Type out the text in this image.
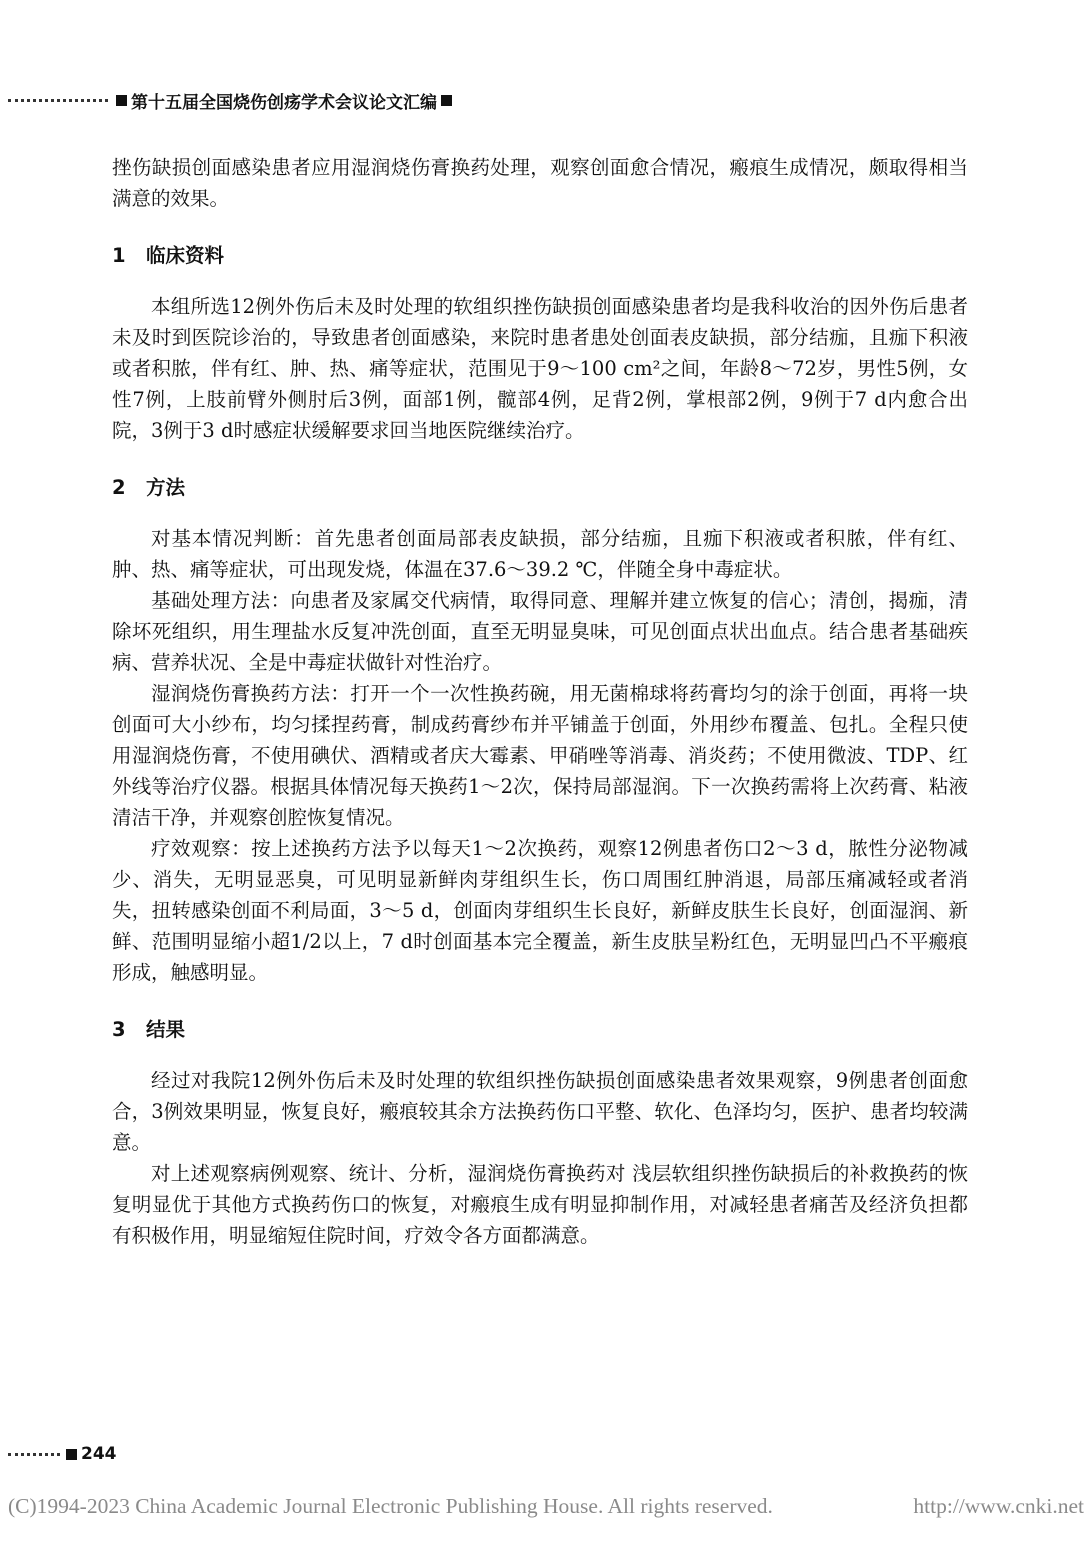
第十五届全国烧伤创疡学术会议论文汇编

挫伤缺损创面感染患者应用湿润烧伤膏换药处理，观察创面愈合情况，瘢痕生成情况，颇取得相当满意的效果。

1	临床资料

本组所选12例外伤后未及时处理的软组织挫伤缺损创面感染患者均是我科收治的因外伤后患者未及时到医院诊治的，导致患者创面感染，来院时患者患处创面表皮缺损，部分结痂，且痂下积液或者积脓，伴有红、肿、热、痛等症状，范围见于9～100 cm²之间，年龄8～72岁，男性5例，女性7例，上肢前臂外侧肘后3例，面部1例，髋部4例，足背2例，掌根部2例，9例于7 d内愈合出院，3例于3 d时感症状缓解要求回当地医院继续治疗。

2	方法

对基本情况判断：首先患者创面局部表皮缺损，部分结痂，且痂下积液或者积脓，伴有红、肿、热、痛等症状，可出现发烧，体温在37.6～39.2 ℃，伴随全身中毒症状。

基础处理方法：向患者及家属交代病情，取得同意、理解并建立恢复的信心；清创，揭痂，清除坏死组织，用生理盐水反复冲洗创面，直至无明显臭味，可见创面点状出血点。结合患者基础疾病、营养状况、全是中毒症状做针对性治疗。

湿润烧伤膏换药方法：打开一个一次性换药碗，用无菌棉球将药膏均匀的涂于创面，再将一块创面可大小纱布，均匀揉捏药膏，制成药膏纱布并平铺盖于创面，外用纱布覆盖、包扎。全程只使用湿润烧伤膏，不使用碘伏、酒精或者庆大霉素、甲硝唑等消毒、消炎药；不使用微波、TDP、红外线等治疗仪器。根据具体情况每天换药1～2次，保持局部湿润。下一次换药需将上次药膏、粘液清洁干净，并观察创腔恢复情况。

疗效观察：按上述换药方法予以每天1～2次换药，观察12例患者伤口2～3 d，脓性分泌物减少、消失，无明显恶臭，可见明显新鲜肉芽组织生长，伤口周围红肿消退，局部压痛减轻或者消失，扭转感染创面不利局面，3～5 d，创面肉芽组织生长良好，新鲜皮肤生长良好，创面湿润、新鲜、范围明显缩小超1/2以上，7 d时创面基本完全覆盖，新生皮肤呈粉红色，无明显凹凸不平瘢痕形成，触感明显。

3	结果

经过对我院12例外伤后未及时处理的软组织挫伤缺损创面感染患者效果观察，9例患者创面愈合，3例效果明显，恢复良好，瘢痕较其余方法换药伤口平整、软化、色泽均匀，医护、患者均较满意。

对上述观察病例观察、统计、分析，湿润烧伤膏换药对 浅层软组织挫伤缺损后的补救换药的恢复明显优于其他方式换药伤口的恢复，对瘢痕生成有明显抑制作用，对减轻患者痛苦及经济负担都有积极作用，明显缩短住院时间，疗效令各方面都满意。

244
(C)1994-2023 China Academic Journal Electronic Publishing House. All rights reserved.	http://www.cnki.net
